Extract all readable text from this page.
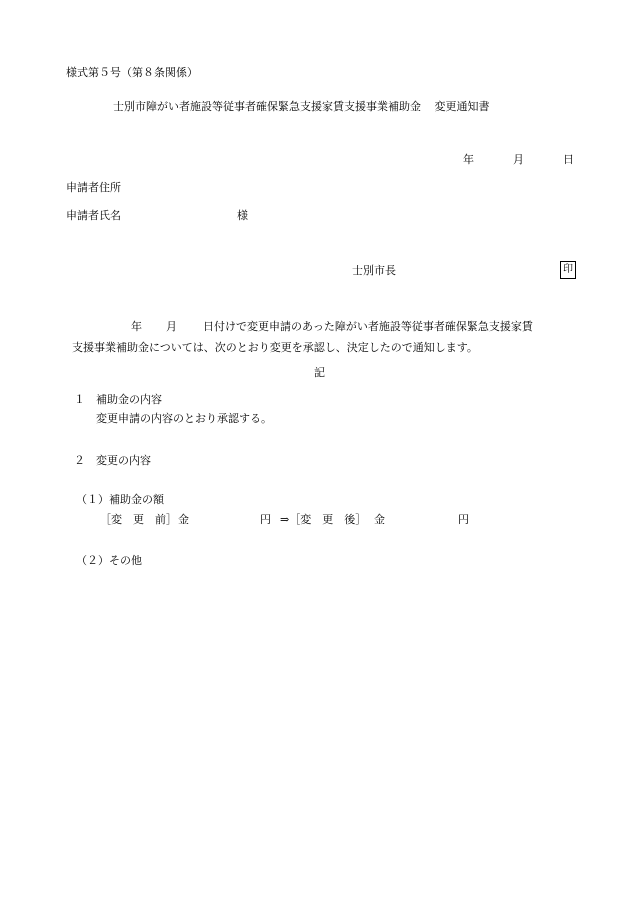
様式第５号（第８条関係）
士別市障がい者施設等従事者確保緊急支援家賃支援事業補助金 変更通知書
年	月	日
申請者住所
申請者氏名	様
士別市長	印
年 月 日付けで変更申請のあった障がい者施設等従事者確保緊急支援家賃
支援事業補助金については、次のとおり変更を承認し、決定したので通知します。
記
１ 補助金の内容
変更申請の内容のとおり承認する。
２ 変更の内容
（１）補助金の額
［変　更　前］ 金	円 ⇒［変　更　後］ 金	円
（２）その他
